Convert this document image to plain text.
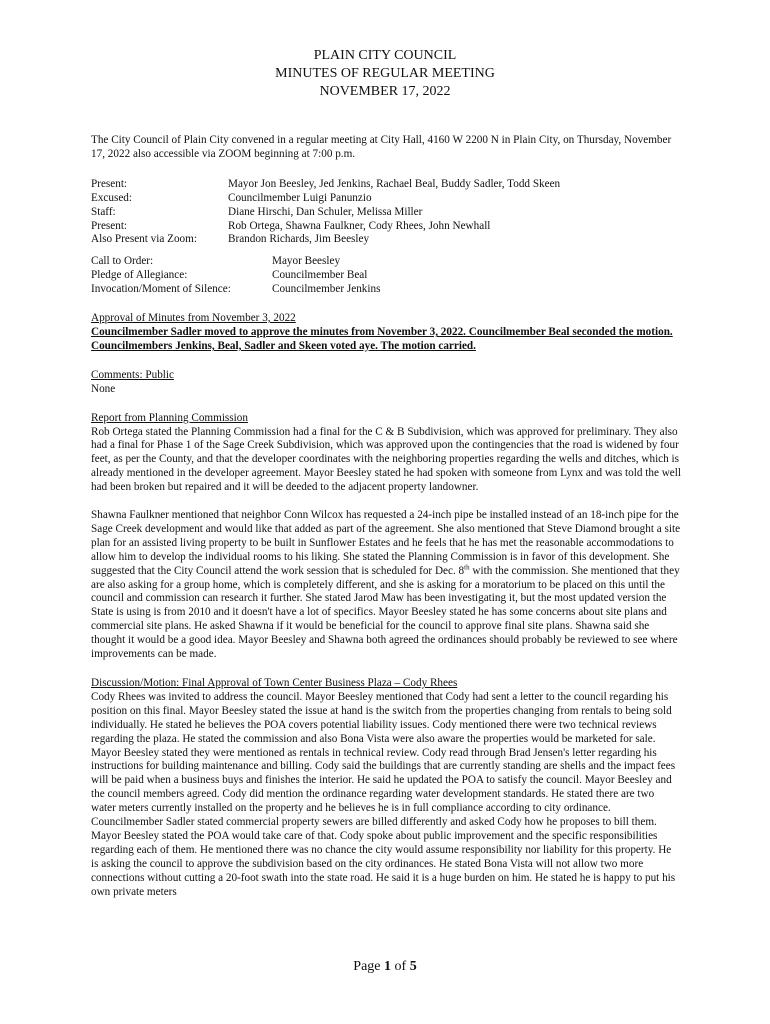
PLAIN CITY COUNCIL
MINUTES OF REGULAR MEETING
NOVEMBER 17, 2022

The City Council of Plain City convened in a regular meeting at City Hall, 4160 W 2200 N in Plain City, on Thursday, November 17, 2022 also accessible via ZOOM beginning at 7:00 p.m.

Present:	Mayor Jon Beesley, Jed Jenkins, Rachael Beal, Buddy Sadler, Todd Skeen
Excused:	Councilmember Luigi Panunzio
Staff:	Diane Hirschi, Dan Schuler, Melissa Miller
Present:	Rob Ortega, Shawna Faulkner, Cody Rhees, John Newhall
Also Present via Zoom:	Brandon Richards, Jim Beesley
Call to Order:	Mayor Beesley
Pledge of Allegiance:	Councilmember Beal
Invocation/Moment of Silence:	Councilmember Jenkins

Approval of Minutes from November 3, 2022

Councilmember Sadler moved to approve the minutes from November 3, 2022. Councilmember Beal seconded the motion. Councilmembers Jenkins, Beal, Sadler and Skeen voted aye. The motion carried.

Comments: Public

None

Report from Planning Commission

Rob Ortega stated the Planning Commission had a final for the C & B Subdivision, which was approved for preliminary. They also had a final for Phase 1 of the Sage Creek Subdivision, which was approved upon the contingencies that the road is widened by four feet, as per the County, and that the developer coordinates with the neighboring properties regarding the wells and ditches, which is already mentioned in the developer agreement. Mayor Beesley stated he had spoken with someone from Lynx and was told the well had been broken but repaired and it will be deeded to the adjacent property landowner.

Shawna Faulkner mentioned that neighbor Conn Wilcox has requested a 24-inch pipe be installed instead of an 18-inch pipe for the Sage Creek development and would like that added as part of the agreement. She also mentioned that Steve Diamond brought a site plan for an assisted living property to be built in Sunflower Estates and he feels that he has met the reasonable accommodations to allow him to develop the individual rooms to his liking. She stated the Planning Commission is in favor of this development. She suggested that the City Council attend the work session that is scheduled for Dec. 8th with the commission. She mentioned that they are also asking for a group home, which is completely different, and she is asking for a moratorium to be placed on this until the council and commission can research it further. She stated Jarod Maw has been investigating it, but the most updated version the State is using is from 2010 and it doesn't have a lot of specifics. Mayor Beesley stated he has some concerns about site plans and commercial site plans. He asked Shawna if it would be beneficial for the council to approve final site plans. Shawna said she thought it would be a good idea. Mayor Beesley and Shawna both agreed the ordinances should probably be reviewed to see where improvements can be made.

Discussion/Motion: Final Approval of Town Center Business Plaza – Cody Rhees

Cody Rhees was invited to address the council. Mayor Beesley mentioned that Cody had sent a letter to the council regarding his position on this final. Mayor Beesley stated the issue at hand is the switch from the properties changing from rentals to being sold individually. He stated he believes the POA covers potential liability issues. Cody mentioned there were two technical reviews regarding the plaza. He stated the commission and also Bona Vista were also aware the properties would be marketed for sale. Mayor Beesley stated they were mentioned as rentals in technical review. Cody read through Brad Jensen's letter regarding his instructions for building maintenance and billing. Cody said the buildings that are currently standing are shells and the impact fees will be paid when a business buys and finishes the interior. He said he updated the POA to satisfy the council. Mayor Beesley and the council members agreed. Cody did mention the ordinance regarding water development standards. He stated there are two water meters currently installed on the property and he believes he is in full compliance according to city ordinance. Councilmember Sadler stated commercial property sewers are billed differently and asked Cody how he proposes to bill them. Mayor Beesley stated the POA would take care of that. Cody spoke about public improvement and the specific responsibilities regarding each of them. He mentioned there was no chance the city would assume responsibility nor liability for this property. He is asking the council to approve the subdivision based on the city ordinances. He stated Bona Vista will not allow two more connections without cutting a 20-foot swath into the state road. He said it is a huge burden on him. He stated he is happy to put his own private meters

Page 1 of 5
